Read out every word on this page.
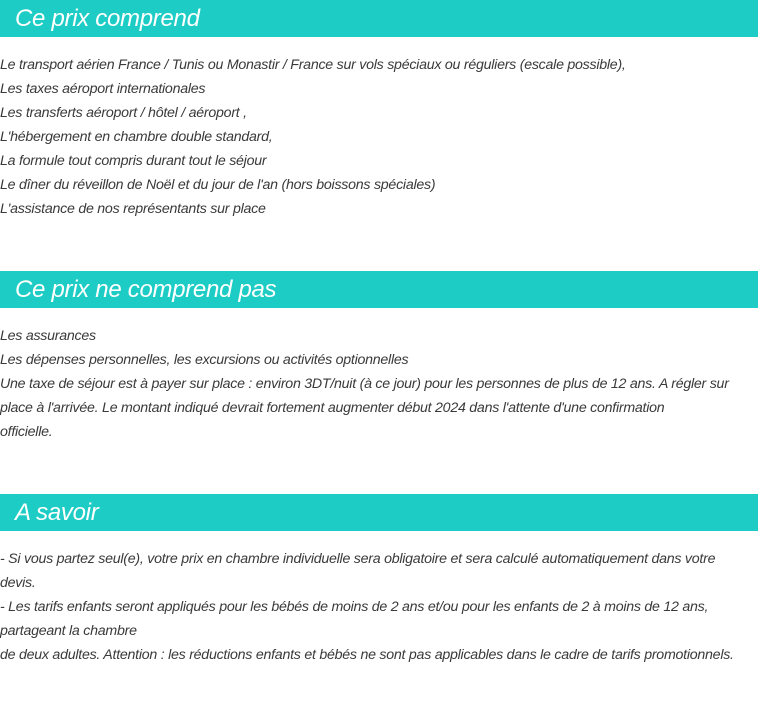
Ce prix comprend
Le transport aérien France / Tunis ou Monastir / France sur vols spéciaux ou réguliers (escale possible),
Les taxes aéroport internationales
Les transferts aéroport / hôtel / aéroport ,
L'hébergement en chambre double standard,
La formule tout compris durant tout le séjour
Le dîner du réveillon de Noël et du jour de l'an (hors boissons spéciales)
L'assistance de nos représentants sur place
Ce prix ne comprend pas
Les assurances
Les dépenses personnelles, les excursions ou activités optionnelles
Une taxe de séjour est à payer sur place : environ 3DT/nuit (à ce jour) pour les personnes de plus de 12 ans. A régler sur
place à l'arrivée. Le montant indiqué devrait fortement augmenter début 2024 dans l'attente d'une confirmation
officielle.
A savoir
- Si vous partez seul(e), votre prix en chambre individuelle sera obligatoire et sera calculé automatiquement dans votre
devis.
- Les tarifs enfants seront appliqués pour les bébés de moins de 2 ans et/ou pour les enfants de 2 à moins de 12 ans,
partageant la chambre
de deux adultes. Attention : les réductions enfants et bébés ne sont pas applicables dans le cadre de tarifs promotionnels.
